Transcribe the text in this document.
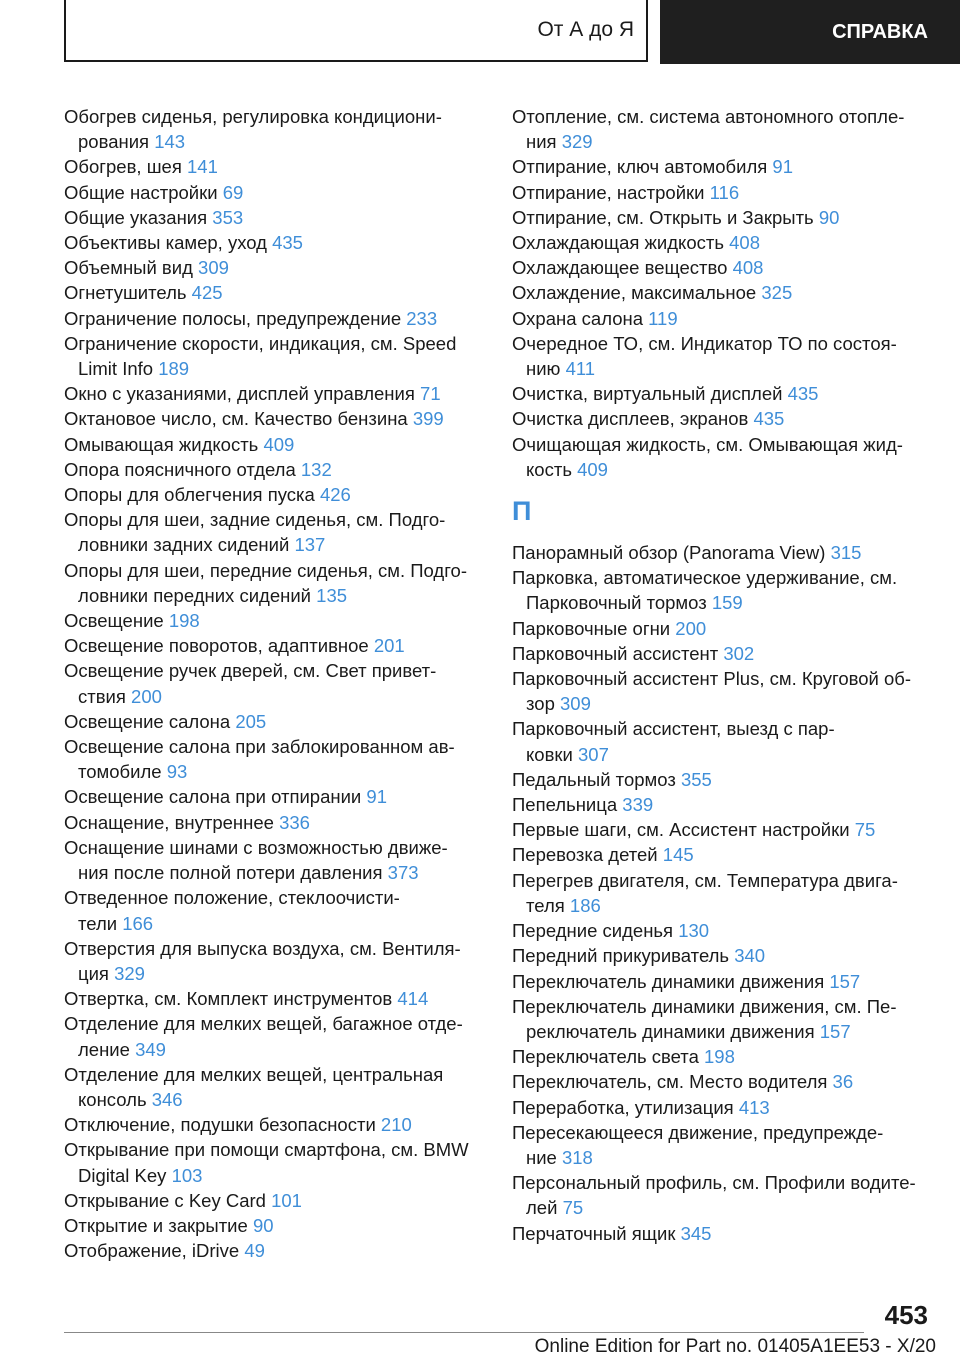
От А до Я	СПРАВКА
Обогрев сиденья, регулировка кондициони-
рования 143
Обогрев, шея 141
Общие настройки 69
Общие указания 353
Объективы камер, уход 435
Объемный вид 309
Огнетушитель 425
Ограничение полосы, предупреждение 233
Ограничение скорости, индикация, см. Speed
Limit Info 189
Окно с указаниями, дисплей управления 71
Октановое число, см. Качество бензина 399
Омывающая жидкость 409
Опора поясничного отдела 132
Опоры для облегчения пуска 426
Опоры для шеи, задние сиденья, см. Подго-
ловники задних сидений 137
Опоры для шеи, передние сиденья, см. Подго-
ловники передних сидений 135
Освещение 198
Освещение поворотов, адаптивное 201
Освещение ручек дверей, см. Свет привет-
ствия 200
Освещение салона 205
Освещение салона при заблокированном ав-
томобиле 93
Освещение салона при отпирании 91
Оснащение, внутреннее 336
Оснащение шинами с возможностью движе-
ния после полной потери давления 373
Отведенное положение, стеклоочисти-
тели 166
Отверстия для выпуска воздуха, см. Вентиля-
ция 329
Отвертка, см. Комплект инструментов 414
Отделение для мелких вещей, багажное отде-
ление 349
Отделение для мелких вещей, центральная
консоль 346
Отключение, подушки безопасности 210
Открывание при помощи смартфона, см. BMW
Digital Key 103
Открывание с Key Card 101
Открытие и закрытие 90
Отображение, iDrive 49
Отопление, см. система автономного отопле-
ния 329
Отпирание, ключ автомобиля 91
Отпирание, настройки 116
Отпирание, см. Открыть и Закрыть 90
Охлаждающая жидкость 408
Охлаждающее вещество 408
Охлаждение, максимальное 325
Охрана салона 119
Очередное ТО, см. Индикатор ТО по состоя-
нию 411
Очистка, виртуальный дисплей 435
Очистка дисплеев, экранов 435
Очищающая жидкость, см. Омывающая жид-
кость 409
П
Панорамный обзор (Panorama View) 315
Парковка, автоматическое удерживание, см.
Парковочный тормоз 159
Парковочные огни 200
Парковочный ассистент 302
Парковочный ассистент Plus, см. Круговой об-
зор 309
Парковочный ассистент, выезд с пар-
ковки 307
Педальный тормоз 355
Пепельница 339
Первые шаги, см. Ассистент настройки 75
Перевозка детей 145
Перегрев двигателя, см. Температура двига-
теля 186
Передние сиденья 130
Передний прикуриватель 340
Переключатель динамики движения 157
Переключатель динамики движения, см. Пе-
реключатель динамики движения 157
Переключатель света 198
Переключатель, см. Место водителя 36
Переработка, утилизация 413
Пересекающееся движение, предупрежде-
ние 318
Персональный профиль, см. Профили водите-
лей 75
Перчаточный ящик 345
453
Online Edition for Part no. 01405A1EE53 - X/20
